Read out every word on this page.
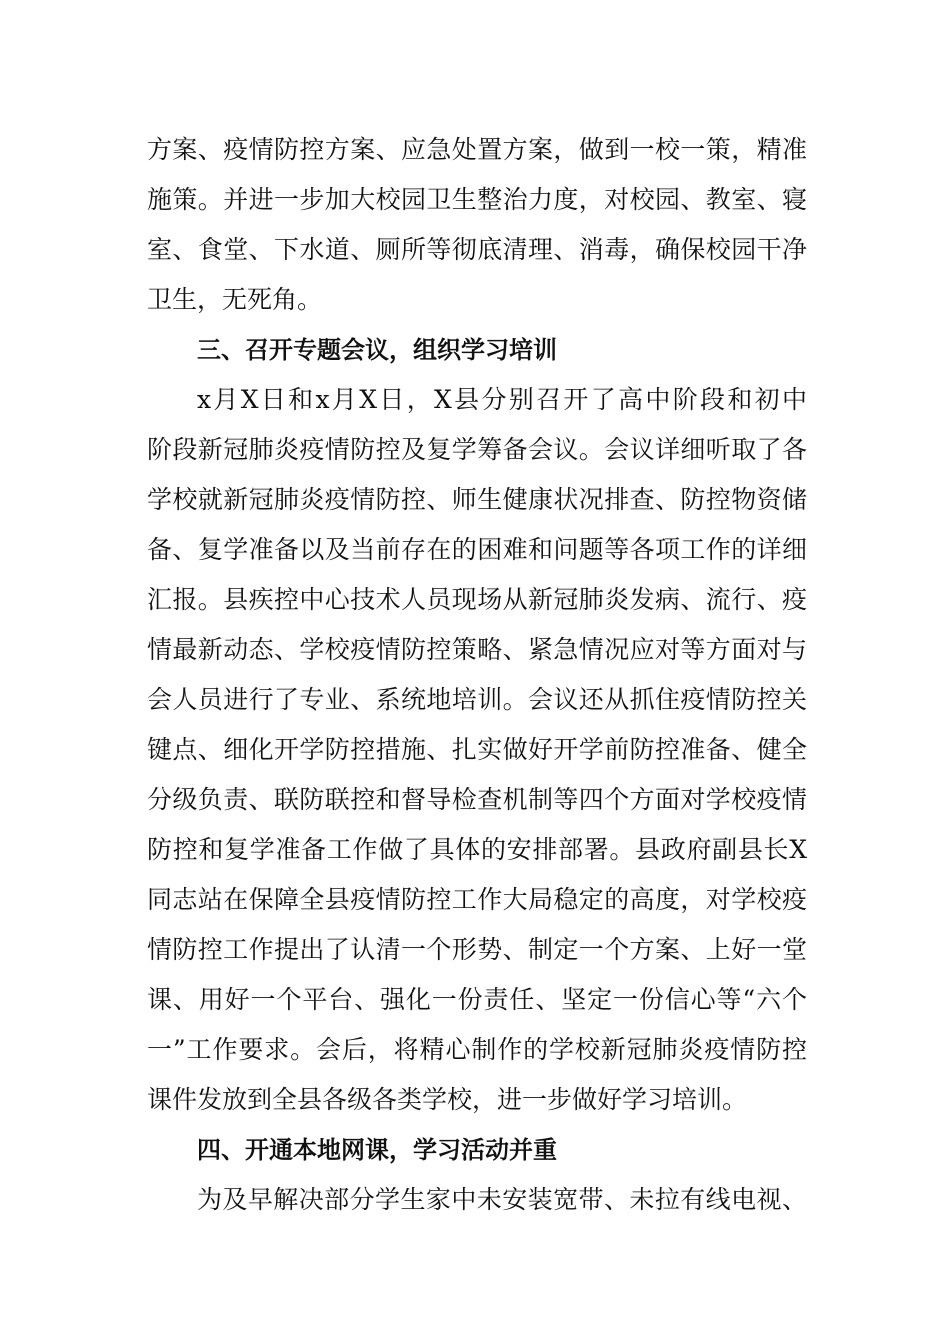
方案、疫情防控方案、应急处置方案，做到一校一策，精准
施策。并进一步加大校园卫生整治力度，对校园、教室、寝
室、食堂、下水道、厕所等彻底清理、消毒，确保校园干净
卫生，无死角。
三、召开专题会议，组织学习培训
x月X日和x月X日，X县分别召开了高中阶段和初中
阶段新冠肺炎疫情防控及复学筹备会议。会议详细听取了各
学校就新冠肺炎疫情防控、师生健康状况排查、防控物资储
备、复学准备以及当前存在的困难和问题等各项工作的详细
汇报。县疾控中心技术人员现场从新冠肺炎发病、流行、疫
情最新动态、学校疫情防控策略、紧急情况应对等方面对与
会人员进行了专业、系统地培训。会议还从抓住疫情防控关
键点、细化开学防控措施、扎实做好开学前防控准备、健全
分级负责、联防联控和督导检查机制等四个方面对学校疫情
防控和复学准备工作做了具体的安排部署。县政府副县长X
同志站在保障全县疫情防控工作大局稳定的高度，对学校疫
情防控工作提出了认清一个形势、制定一个方案、上好一堂
课、用好一个平台、强化一份责任、坚定一份信心等“六个
一”工作要求。会后，将精心制作的学校新冠肺炎疫情防控
课件发放到全县各级各类学校，进一步做好学习培训。
四、开通本地网课，学习活动并重
为及早解决部分学生家中未安装宽带、未拉有线电视、
